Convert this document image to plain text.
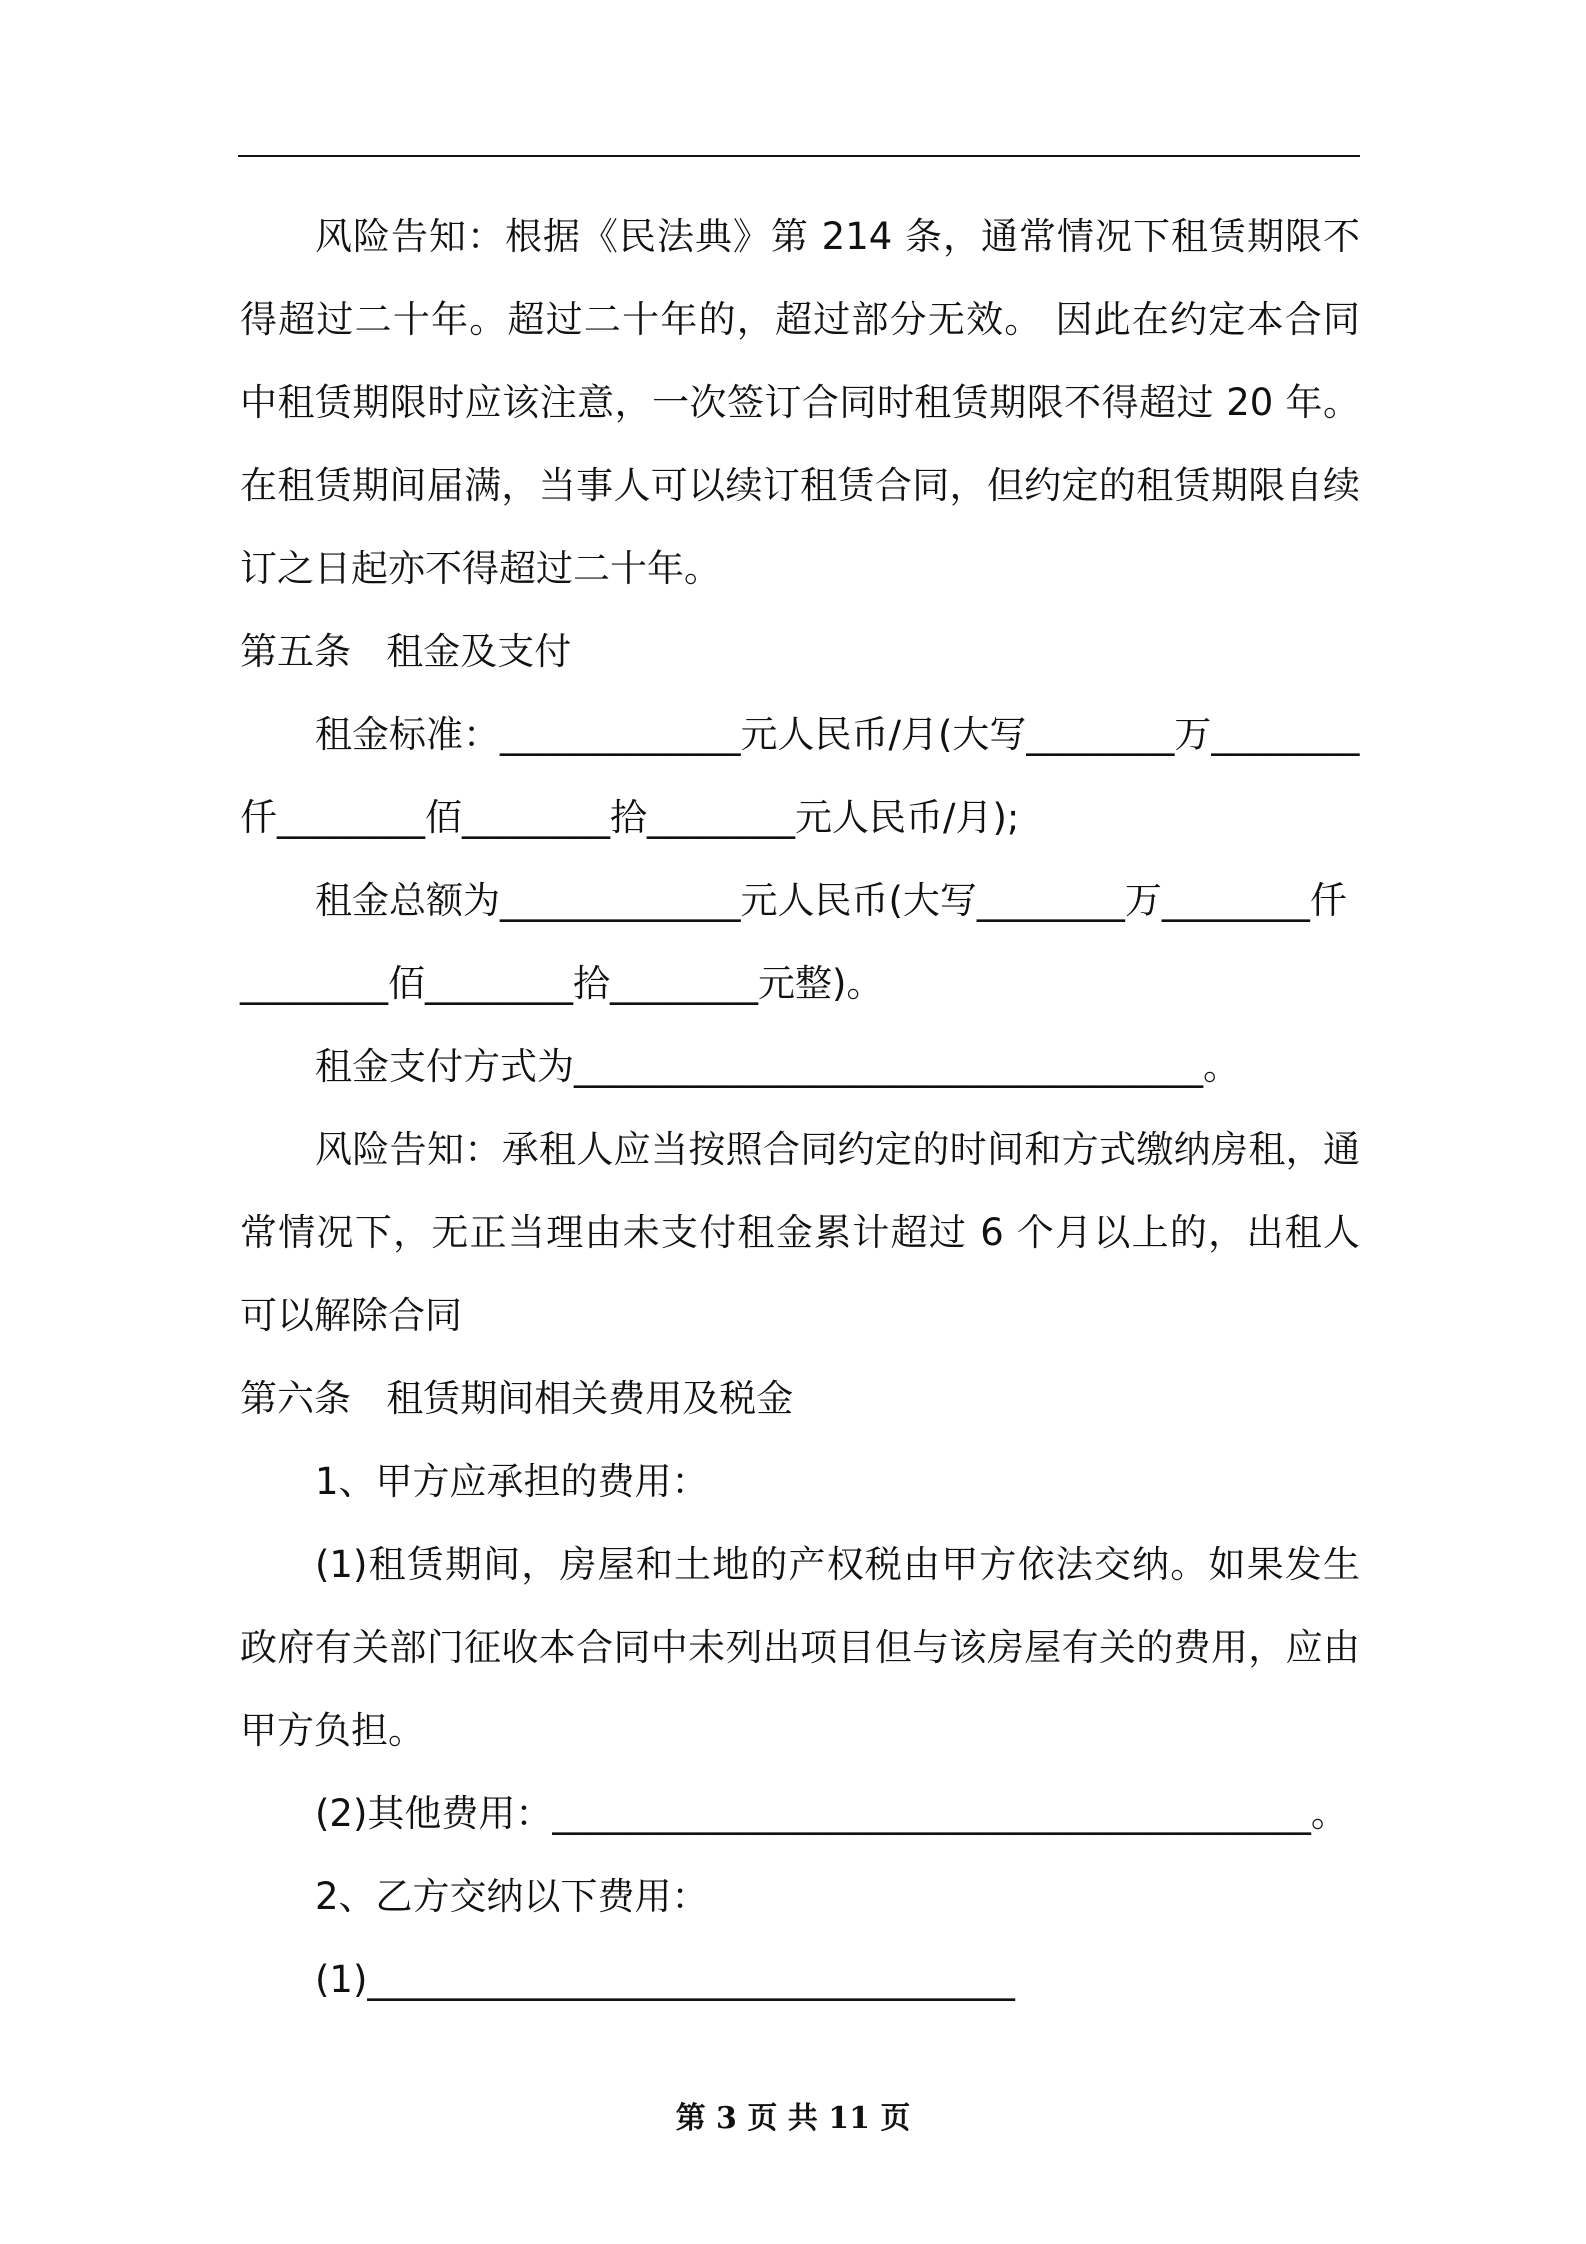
风险告知：根据《民法典》第 214 条，通常情况下租赁期限不得超过二十年。超过二十年的，超过部分无效。 因此在约定本合同中租赁期限时应该注意，一次签订合同时租赁期限不得超过 20 年。在租赁期间届满，当事人可以续订租赁合同，但约定的租赁期限自续订之日起亦不得超过二十年。

第五条   租金及支付

租金标准：_____________元人民币/月(大写________万________仟________佰________拾________元人民币/月);

租金总额为_____________元人民币(大写________万________仟________佰________拾________元整)。

租金支付方式为__________________________________。

风险告知：承租人应当按照合同约定的时间和方式缴纳房租，通常情况下，无正当理由未支付租金累计超过 6 个月以上的，出租人可以解除合同

第六条   租赁期间相关费用及税金

1、甲方应承担的费用：

(1)租赁期间，房屋和土地的产权税由甲方依法交纳。如果发生政府有关部门征收本合同中未列出项目但与该房屋有关的费用，应由甲方负担。

(2)其他费用：_________________________________________。

2、乙方交纳以下费用：

(1)___________________________________

第 3 页 共 11 页
